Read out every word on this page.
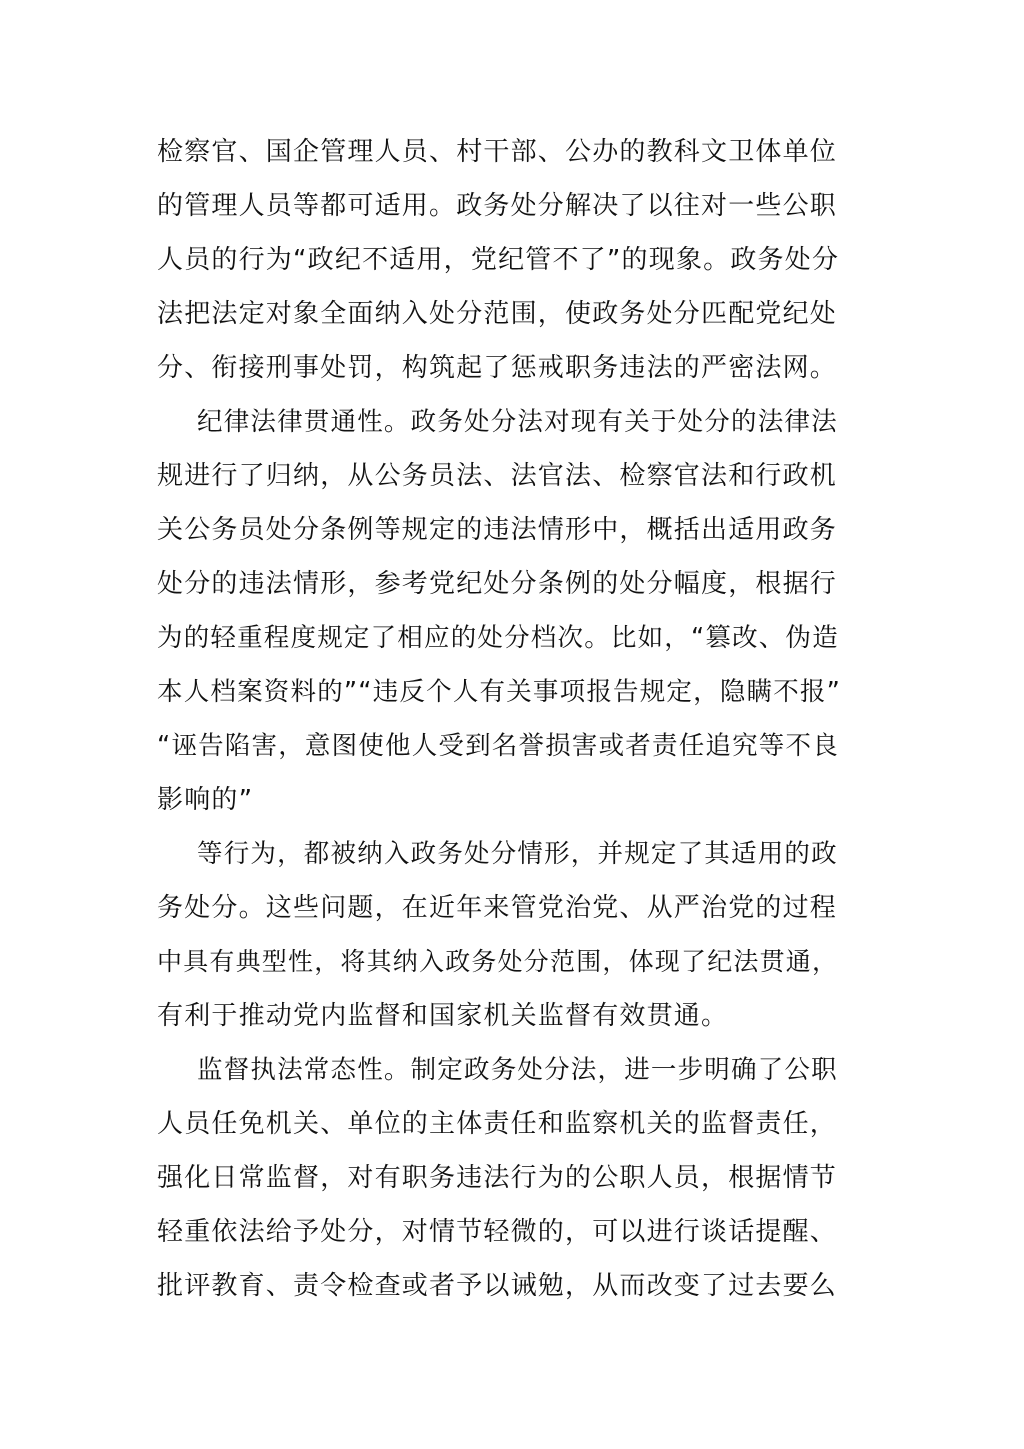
检察官、国企管理人员、村干部、公办的教科文卫体单位
的管理人员等都可适用。政务处分解决了以往对一些公职
人员的行为“政纪不适用，党纪管不了”的现象。政务处分
法把法定对象全面纳入处分范围，使政务处分匹配党纪处
分、衔接刑事处罚，构筑起了惩戒职务违法的严密法网。
纪律法律贯通性。政务处分法对现有关于处分的法律法
规进行了归纳，从公务员法、法官法、检察官法和行政机
关公务员处分条例等规定的违法情形中，概括出适用政务
处分的违法情形，参考党纪处分条例的处分幅度，根据行
为的轻重程度规定了相应的处分档次。比如，“篡改、伪造
本人档案资料的”“违反个人有关事项报告规定，隐瞒不报”
“诬告陷害，意图使他人受到名誉损害或者责任追究等不良
影响的”
等行为，都被纳入政务处分情形，并规定了其适用的政
务处分。这些问题，在近年来管党治党、从严治党的过程
中具有典型性，将其纳入政务处分范围，体现了纪法贯通，
有利于推动党内监督和国家机关监督有效贯通。
监督执法常态性。制定政务处分法，进一步明确了公职
人员任免机关、单位的主体责任和监察机关的监督责任，
强化日常监督，对有职务违法行为的公职人员，根据情节
轻重依法给予处分，对情节轻微的，可以进行谈话提醒、
批评教育、责令检查或者予以诫勉，从而改变了过去要么
